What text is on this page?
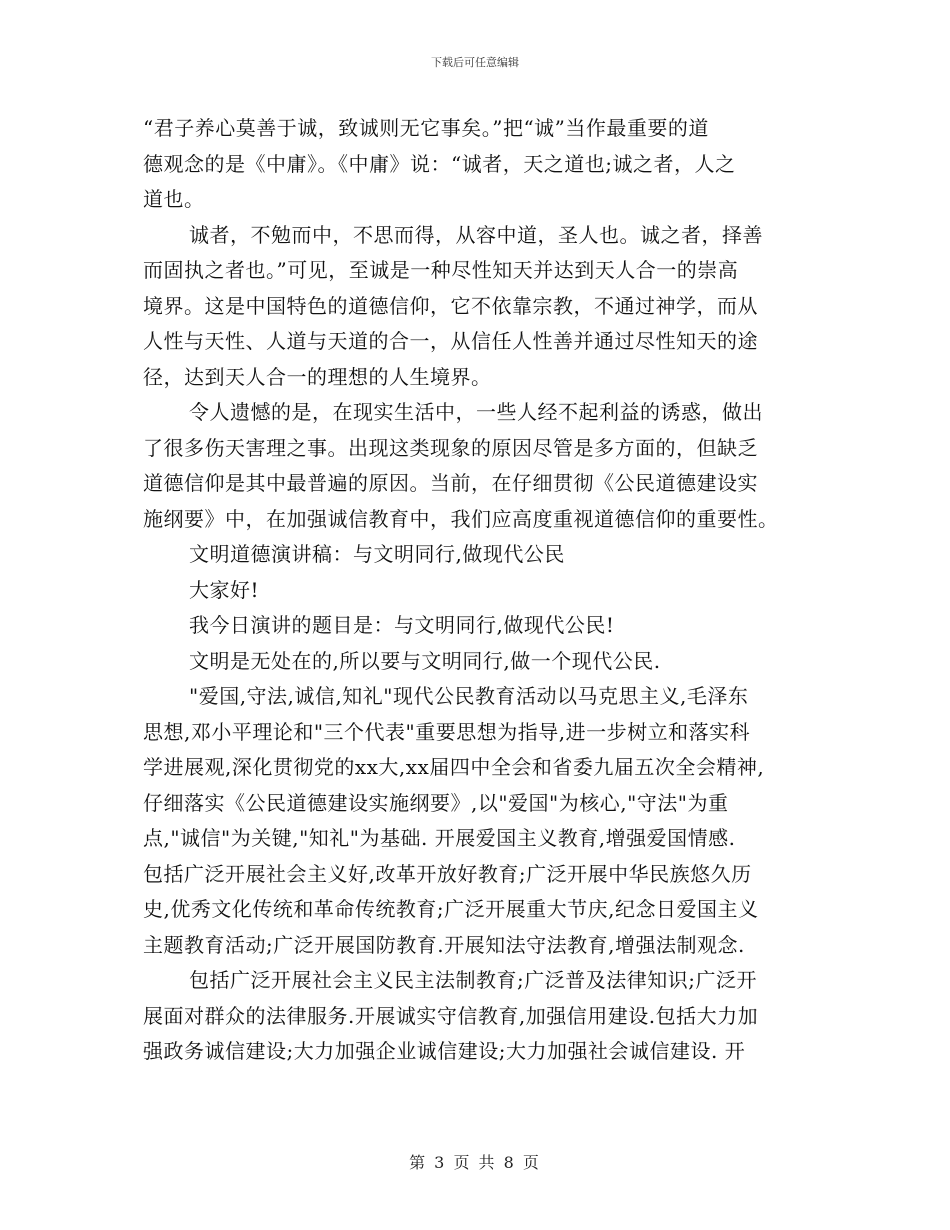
下载后可任意编辑
“君子养心莫善于诚，致诚则无它事矣。”把“诚”当作最重要的道
德观念的是《中庸》。《中庸》说：“诚者，天之道也;诚之者，人之
道也。
诚者，不勉而中，不思而得，从容中道，圣人也。诚之者，择善
而固执之者也。”可见，至诚是一种尽性知天并达到天人合一的崇高
境界。这是中国特色的道德信仰，它不依靠宗教，不通过神学，而从
人性与天性、人道与天道的合一，从信任人性善并通过尽性知天的途
径，达到天人合一的理想的人生境界。
令人遗憾的是，在现实生活中，一些人经不起利益的诱惑，做出
了很多伤天害理之事。出现这类现象的原因尽管是多方面的，但缺乏
道德信仰是其中最普遍的原因。当前，在仔细贯彻《公民道德建设实
施纲要》中，在加强诚信教育中，我们应高度重视道德信仰的重要性。
文明道德演讲稿：与文明同行,做现代公民
大家好!
我今日演讲的题目是：与文明同行,做现代公民!
文明是无处在的,所以要与文明同行,做一个现代公民.
"爱国,守法,诚信,知礼"现代公民教育活动以马克思主义,毛泽东
思想,邓小平理论和"三个代表"重要思想为指导,进一步树立和落实科
学进展观,深化贯彻党的xx大,xx届四中全会和省委九届五次全会精神,
仔细落实《公民道德建设实施纲要》,以"爱国"为核心,"守法"为重
点,"诚信"为关键,"知礼"为基础. 开展爱国主义教育,增强爱国情感.
包括广泛开展社会主义好,改革开放好教育;广泛开展中华民族悠久历
史,优秀文化传统和革命传统教育;广泛开展重大节庆,纪念日爱国主义
主题教育活动;广泛开展国防教育.开展知法守法教育,增强法制观念.
包括广泛开展社会主义民主法制教育;广泛普及法律知识;广泛开
展面对群众的法律服务.开展诚实守信教育,加强信用建设.包括大力加
强政务诚信建设;大力加强企业诚信建设;大力加强社会诚信建设. 开
第 3 页 共 8 页
